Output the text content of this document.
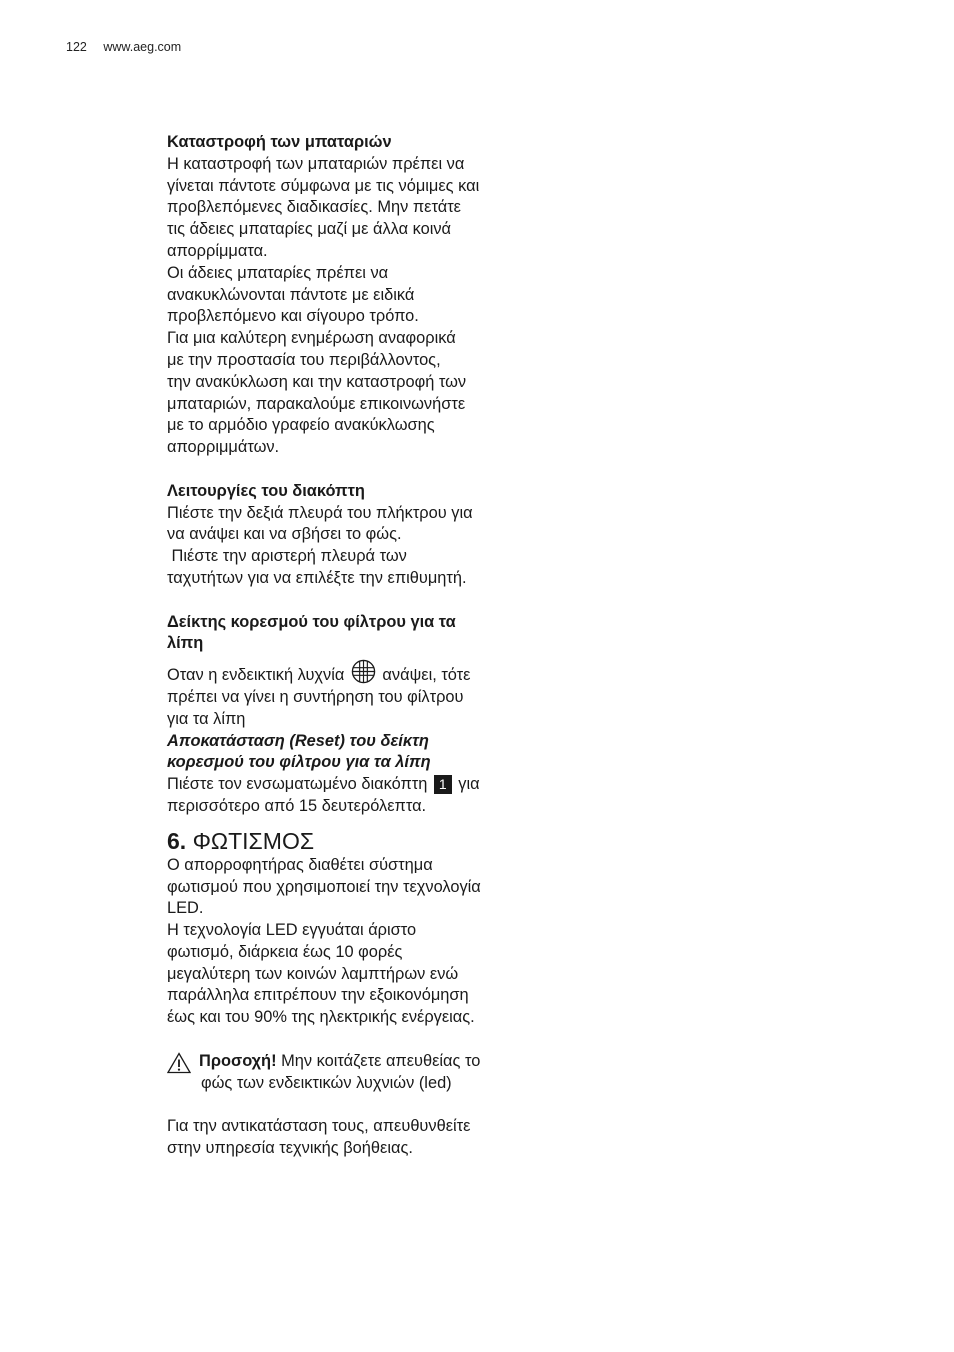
122 www.aeg.com

Καταστροφή των μπαταριών

Η καταστροφή των μπαταριών πρέπει να

γίνεται πάντοτε σύμφωνα με τις νόμιμες και

προβλεπόμενες διαδικασίες. Μην πετάτε

τις άδειες μπαταρίες μαζί με άλλα κοινά

απορρίμματα.

Οι άδειες μπαταρίες πρέπει να

ανακυκλώνονται πάντοτε με ειδικά

προβλεπόμενο και σίγουρο τρόπο.

Για μια καλύτερη ενημέρωση αναφορικά

με την προστασία του περιβάλλοντος,

την ανακύκλωση και την καταστροφή των

μπαταριών, παρακαλούμε επικοινωνήστε

με το αρμόδιο γραφείο ανακύκλωσης

απορριμμάτων.

Λειτουργίες του διακόπτη

Πιέστε την δεξιά πλευρά του πλήκτρου για

να ανάψει και να σβήσει το φώς.

Πιέστε την αριστερή πλευρά των

ταχυτήτων για να επιλέξτε την επιθυμητή.

Δείκτης κορεσμού του φίλτρου για τα

λίπη

Οταν η ενδεικτική λυχνία  ανάψει, τότε

πρέπει να γίνει η συντήρηση του φίλτρου

για τα λίπη

Αποκατάσταση (Reset) του δείκτη

κορεσμού του φίλτρου για τα λίπη

Πιέστε τον ενσωματωμένο διακόπτη 1 για

περισσότερο από 15 δευτερόλεπτα.

6. ΦΩΤΙΣΜΟΣ

Ο απορροφητήρας διαθέτει σύστημα

φωτισμού που χρησιμοποιεί την τεχνολογία

LED.

Η τεχνολογία LED εγγυάται άριστο

φωτισμό, διάρκεια έως 10 φορές

μεγαλύτερη των κοινών λαμπτήρων ενώ

παράλληλα επιτρέπουν την εξοικονόμηση

έως και του 90% της ηλεκτρικής ενέργειας.

Προσοχή! Μην κοιτάζετε απευθείας το

φώς των ενδεικτικών λυχνιών (led)

Για την αντικατάσταση τους, απευθυνθείτε

στην υπηρεσία τεχνικής βοήθειας.
